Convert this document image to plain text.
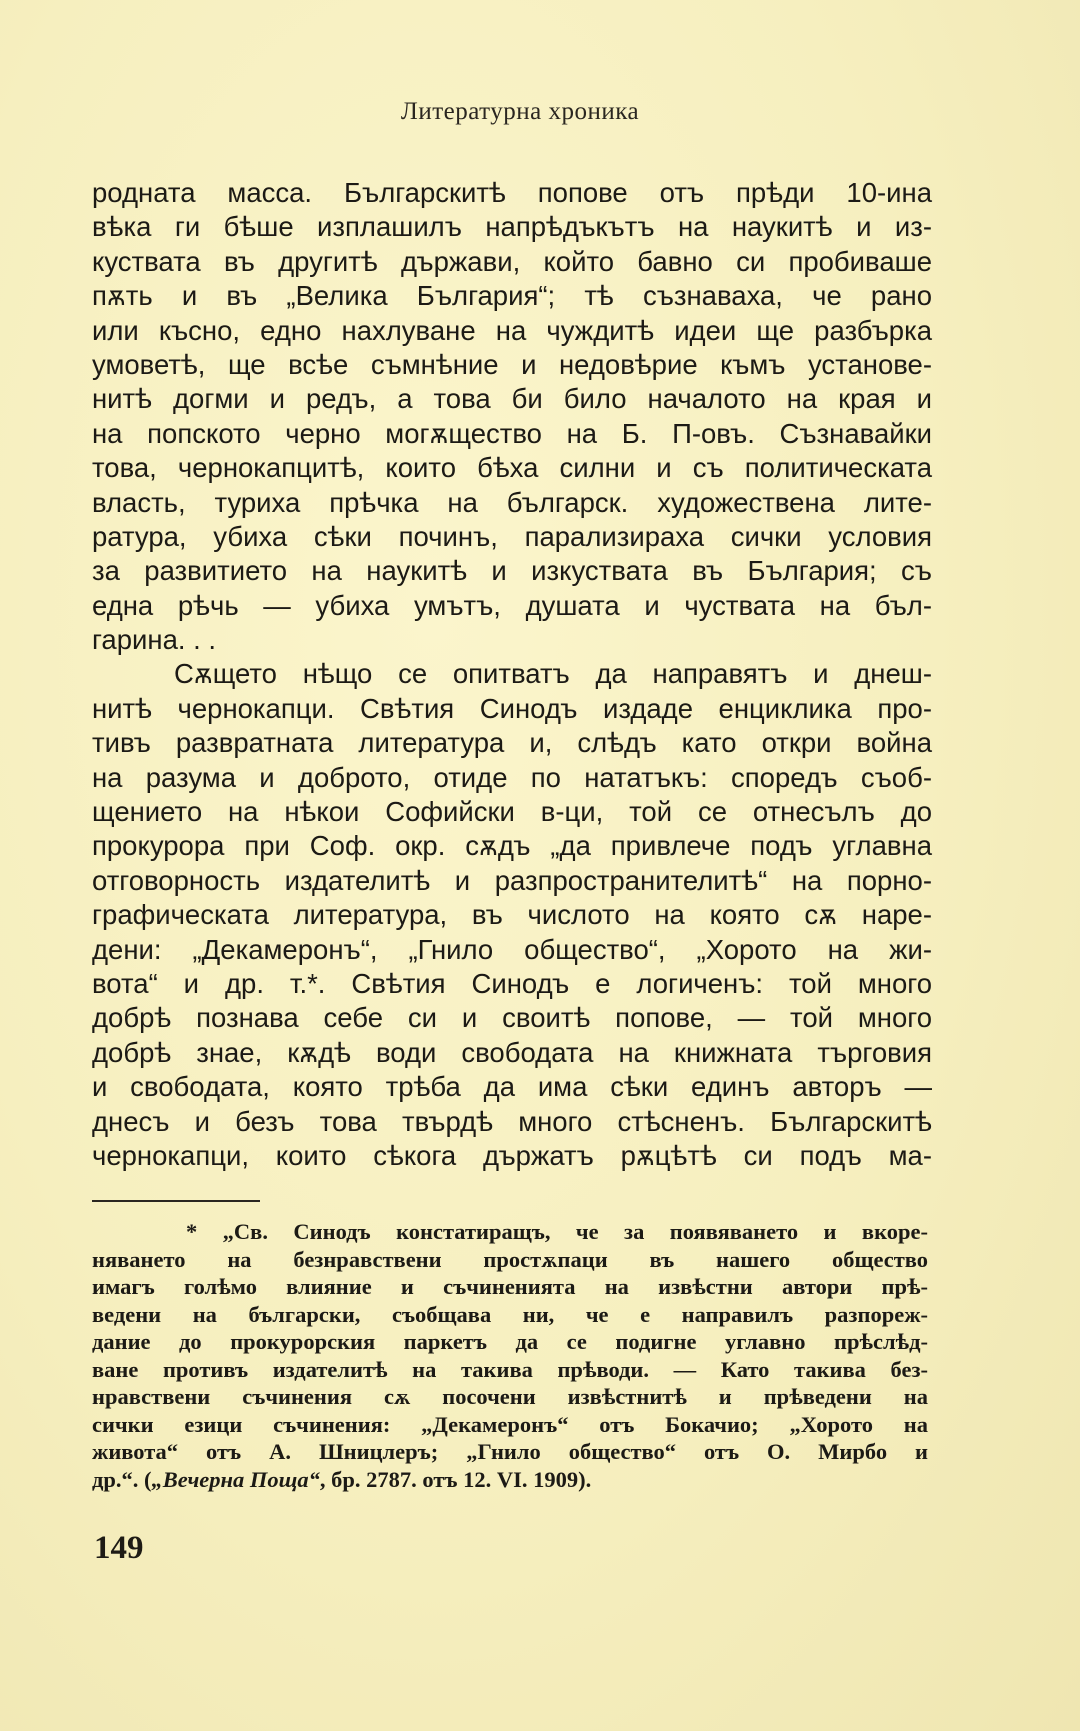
Литературна хроника
родната масса. Българскитѣ попове отъ прѣди 10-ина
вѣка ги бѣше изплашилъ напрѣдъкътъ на наукитѣ и из-
куствата въ другитѣ държави, който бавно си пробиваше
пѫть и въ „Велика България“; тѣ съзнаваха, че рано
или късно, едно нахлуване на чуждитѣ идеи ще разбърка
умоветѣ, ще всѣе съмнѣние и недовѣрие къмъ установе-
нитѣ догми и редъ, а това би било началото на края и
на попското черно могѫщество на Б. П-овъ. Съзнавайки
това, чернокапцитѣ, които бѣха силни и съ политическата
власть, туриха прѣчка на българск. художествена лите-
ратура, убиха сѣки починъ, парализираха сички условия
за развитието на наукитѣ и изкуствата въ България; съ
една рѣчь — убиха умътъ, душата и чуствата на бъл-
гарина. . .
Сѫщето нѣщо се опитватъ да направятъ и днеш-
нитѣ чернокапци. Свѣтия Синодъ издаде енциклика про-
тивъ развратната литературa и, слѣдъ като откри война
на разума и доброто, отиде по нататъкъ: споредъ съоб-
щението на нѣкои Софийски в-ци, той се отнесълъ до
прокурора при Соф. окр. сѫдъ „да привлече подъ углавна
отговорность издателитѣ и разпространителитѣ“ на порно-
графическата литература, въ числото на която сѫ наре-
дени: „Декамеронъ“, „Гнило общество“, „Хорото на жи-
вота“ и др. т.*. Свѣтия Синодъ е логиченъ: той много
добрѣ познава себе си и своитѣ попове, — той много
добрѣ знае, кѫдѣ води свободата на книжната търговия
и свободата, която трѣба да има сѣки единъ авторъ —
днесъ и безъ това твърдѣ много стѣсненъ. Българскитѣ
чернокапци, които сѣкога държатъ рѫцѣтѣ си подъ ма-
* „Св. Синодъ констатиращъ, че за появяването и вкоре-
няването на безнравствени простѫпаци въ нашего общество
имагъ голѣмо влияние и съчиненията на извѣстни автори прѣ-
ведени на български, съобщава ни, че е направилъ разпореж-
дание до прокурорския паркетъ да се подигне углавно прѣслѣд-
ване противъ издателитѣ на такива прѣводи. — Като такива без-
нравствени съчинения сѫ посочени извѣстнитѣ и прѣведени на
сички езици съчинения: „Декамеронъ“ отъ Бокачио; „Хорото на
живота“ отъ А. Шницлеръ; „Гнило общество“ отъ О. Мирбо и
др.“. („Вечерна Поща“, бр. 2787. отъ 12. VI. 1909).
149
